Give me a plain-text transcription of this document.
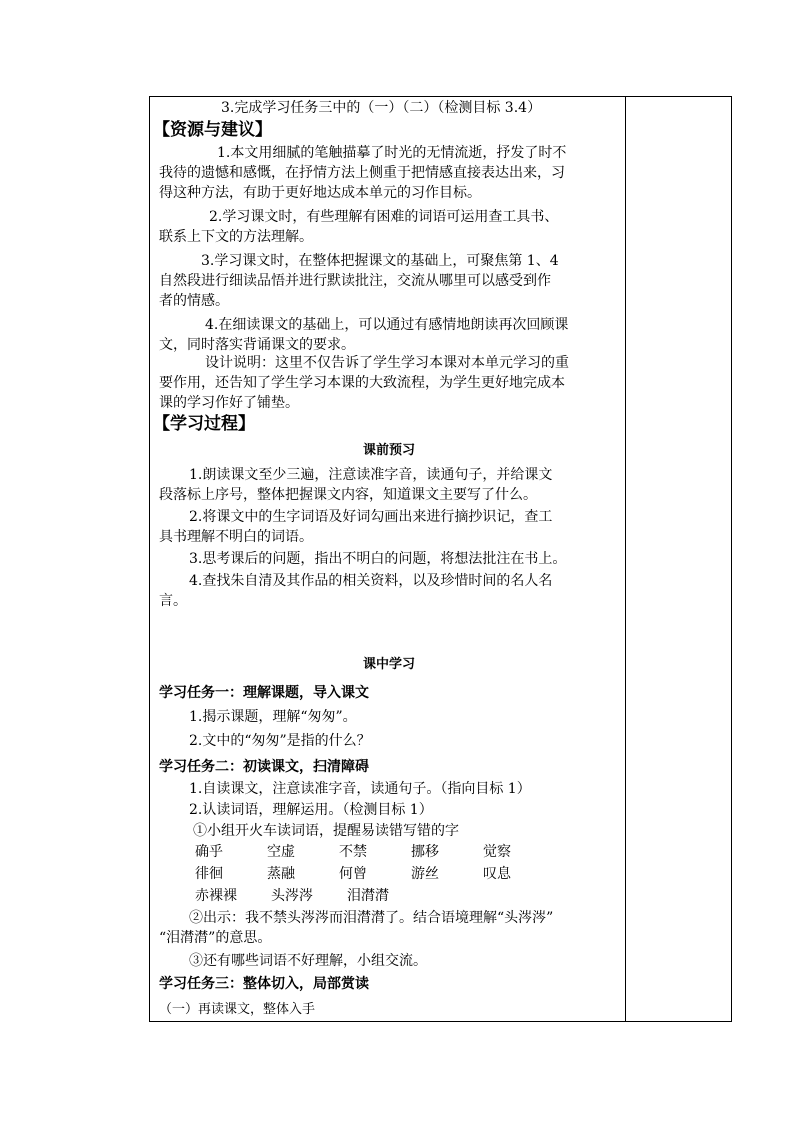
3.完成学习任务三中的（一）（二）（检测目标 3.4）
【资源与建议】
1.本文用细腻的笔触描摹了时光的无情流逝，抒发了时不
我待的遗憾和感慨，在抒情方法上侧重于把情感直接表达出来，习
得这种方法，有助于更好地达成本单元的习作目标。
2.学习课文时，有些理解有困难的词语可运用查工具书、
联系上下文的方法理解。
3.学习课文时，在整体把握课文的基础上，可聚焦第 1、4
自然段进行细读品悟并进行默读批注，交流从哪里可以感受到作
者的情感。
4.在细读课文的基础上，可以通过有感情地朗读再次回顾课
文，同时落实背诵课文的要求。
设计说明：这里不仅告诉了学生学习本课对本单元学习的重
要作用，还告知了学生学习本课的大致流程，为学生更好地完成本
课的学习作好了铺垫。
【学习过程】
课前预习
1.朗读课文至少三遍，注意读准字音，读通句子，并给课文
段落标上序号，整体把握课文内容，知道课文主要写了什么。
2.将课文中的生字词语及好词勾画出来进行摘抄识记，查工
具书理解不明白的词语。
3.思考课后的问题，指出不明白的问题，将想法批注在书上。
4.查找朱自清及其作品的相关资料，以及珍惜时间的名人名
言。
课中学习
学习任务一：理解课题，导入课文
1.揭示课题，理解“匆匆”。
2.文中的“匆匆”是指的什么？
学习任务二：初读课文，扫清障碍
1.自读课文，注意读准字音，读通句子。（指向目标 1）
2.认读词语，理解运用。（检测目标 1）
①小组开火车读词语，提醒易读错写错的字
确乎	空虚	不禁	挪移	觉察
徘徊	蒸融	何曾	游丝	叹息
赤裸裸 头涔涔 泪潸潸
②出示：我不禁头涔涔而泪潸潸了。结合语境理解“头涔涔”
“泪潸潸”的意思。
③还有哪些词语不好理解，小组交流。
学习任务三：整体切入，局部赏读
（一）再读课文，整体入手
